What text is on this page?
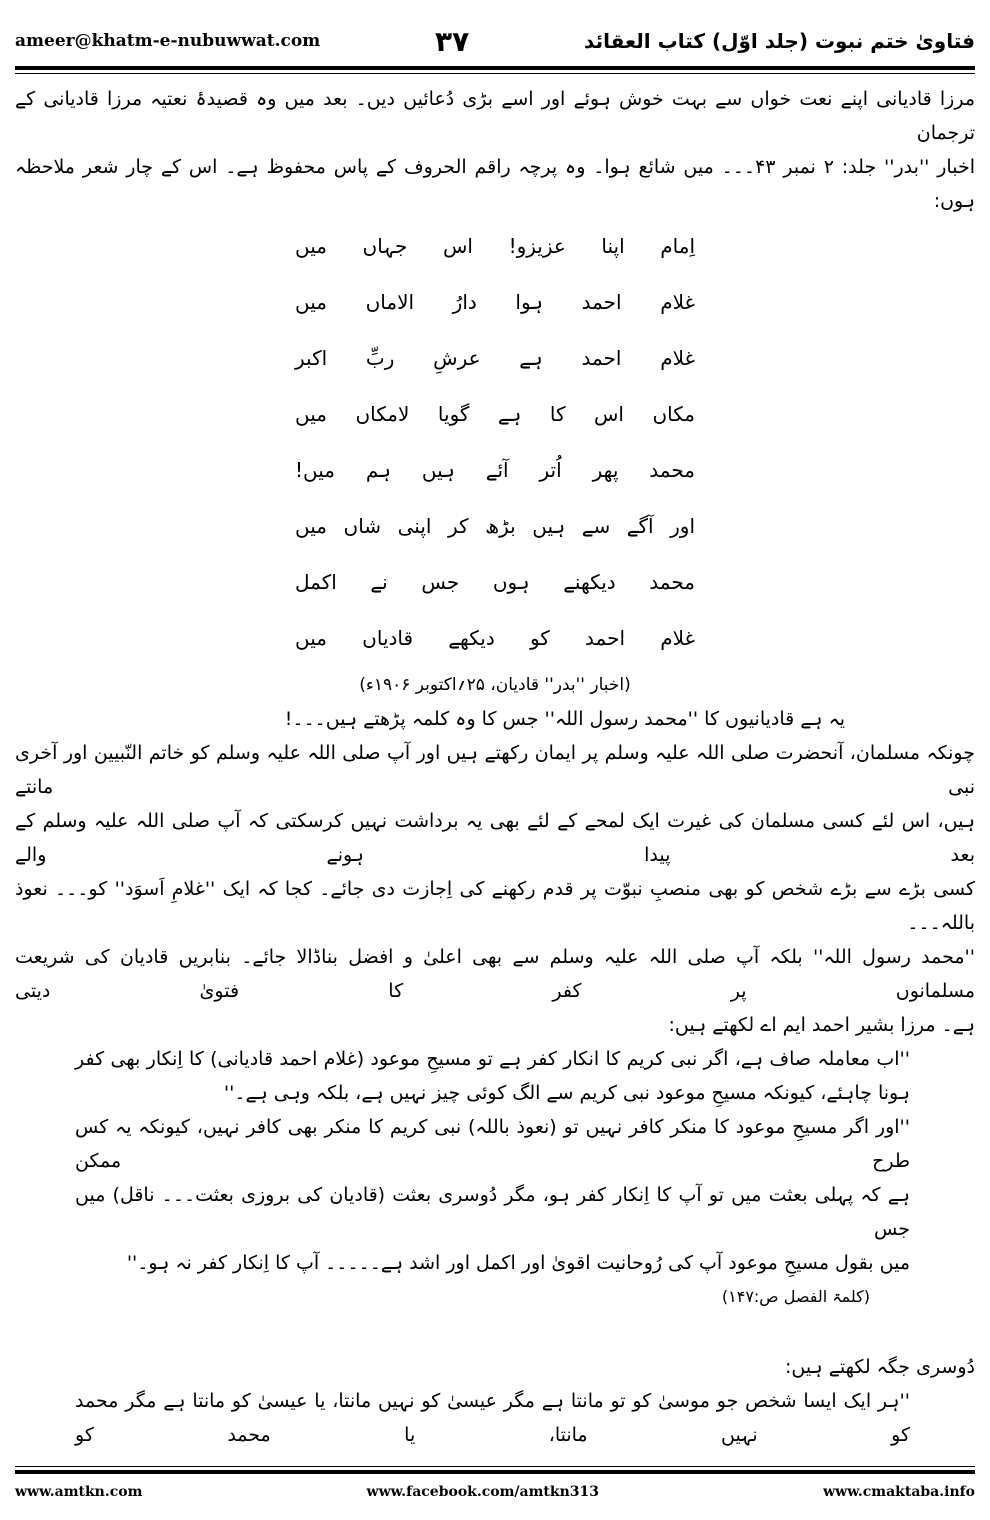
ameer@khatm-e-nubuwwat.com	۳۷	فتاویٰ ختم نبوت (جلد اوّل) کتاب العقائد
مرزا قادیانی اپنے نعت خواں سے بہت خوش ہوئے اور اسے بڑی دُعائیں دیں۔ بعد میں وہ قصیدۂ نعتیہ مرزا قادیانی کے ترجمان
اخبار ''بدر'' جلد: ۲ نمبر ۴۳۔۔۔ میں شائع ہوا۔ وہ پرچہ راقم الحروف کے پاس محفوظ ہے۔ اس کے چار شعر ملاحظہ ہوں:
اِمام اپنا عزیزو! اس جہاں میں
غلام احمد ہوا دارُ الاماں میں
غلام احمد ہے عرشِ ربِّ اکبر
مکاں اس کا ہے گویا لامکاں میں
محمد پھر اُتر آئے ہیں ہم میں!
اور آگے سے ہیں بڑھ کر اپنی شاں میں
محمد دیکھنے ہوں جس نے اکمل
غلام احمد کو دیکھے قادیاں میں
(اخبار ''بدر'' قادیان، ۲۵؍اکتوبر ۱۹۰۶ء)
یہ ہے قادیانیوں کا ''محمد رسول اللہ'' جس کا وہ کلمہ پڑھتے ہیں۔۔۔!
چونکہ مسلمان، آنحضرت صلی اللہ علیہ وسلم پر ایمان رکھتے ہیں اور آپ صلی اللہ علیہ وسلم کو خاتم النّبیین اور آخری نبی مانتے
ہیں، اس لئے کسی مسلمان کی غیرت ایک لمحے کے لئے بھی یہ برداشت نہیں کرسکتی کہ آپ صلی اللہ علیہ وسلم کے بعد پیدا ہونے والے
کسی بڑے سے بڑے شخص کو بھی منصبِ نبوّت پر قدم رکھنے کی اِجازت دی جائے۔ کجا کہ ایک ''غلامِ اَسوَد'' کو۔۔۔ نعوذ باللہ۔۔۔
''محمد رسول اللہ'' بلکہ آپ صلی اللہ علیہ وسلم سے بھی اعلیٰ و افضل بناڈالا جائے۔ بنابریں قادیان کی شریعت مسلمانوں پر کفر کا فتویٰ دیتی
ہے۔ مرزا بشیر احمد ایم اے لکھتے ہیں:
''اب معاملہ صاف ہے، اگر نبی کریم کا انکار کفر ہے تو مسیحِ موعود (غلام احمد قادیانی) کا اِنکار بھی کفر
ہونا چاہئے، کیونکہ مسیحِ موعود نبی کریم سے الگ کوئی چیز نہیں ہے، بلکہ وہی ہے۔''
''اور اگر مسیحِ موعود کا منکر کافر نہیں تو (نعوذ باللہ) نبی کریم کا منکر بھی کافر نہیں، کیونکہ یہ کس طرح ممکن
ہے کہ پہلی بعثت میں تو آپ کا اِنکار کفر ہو، مگر دُوسری بعثت (قادیان کی بروزی بعثت۔۔۔ ناقل) میں جس
میں بقول مسیحِ موعود آپ کی رُوحانیت اقویٰ اور اکمل اور اشد ہے۔۔۔۔۔ آپ کا اِنکار کفر نہ ہو۔''
(کلمۃ الفصل ص:۱۴۷)
دُوسری جگہ لکھتے ہیں:
''ہر ایک ایسا شخص جو موسیٰ کو تو مانتا ہے مگر عیسیٰ کو نہیں مانتا، یا عیسیٰ کو مانتا ہے مگر محمد کو نہیں مانتا، یا محمد کو
www.amtkn.com	www.facebook.com/amtkn313	www.cmaktaba.info
